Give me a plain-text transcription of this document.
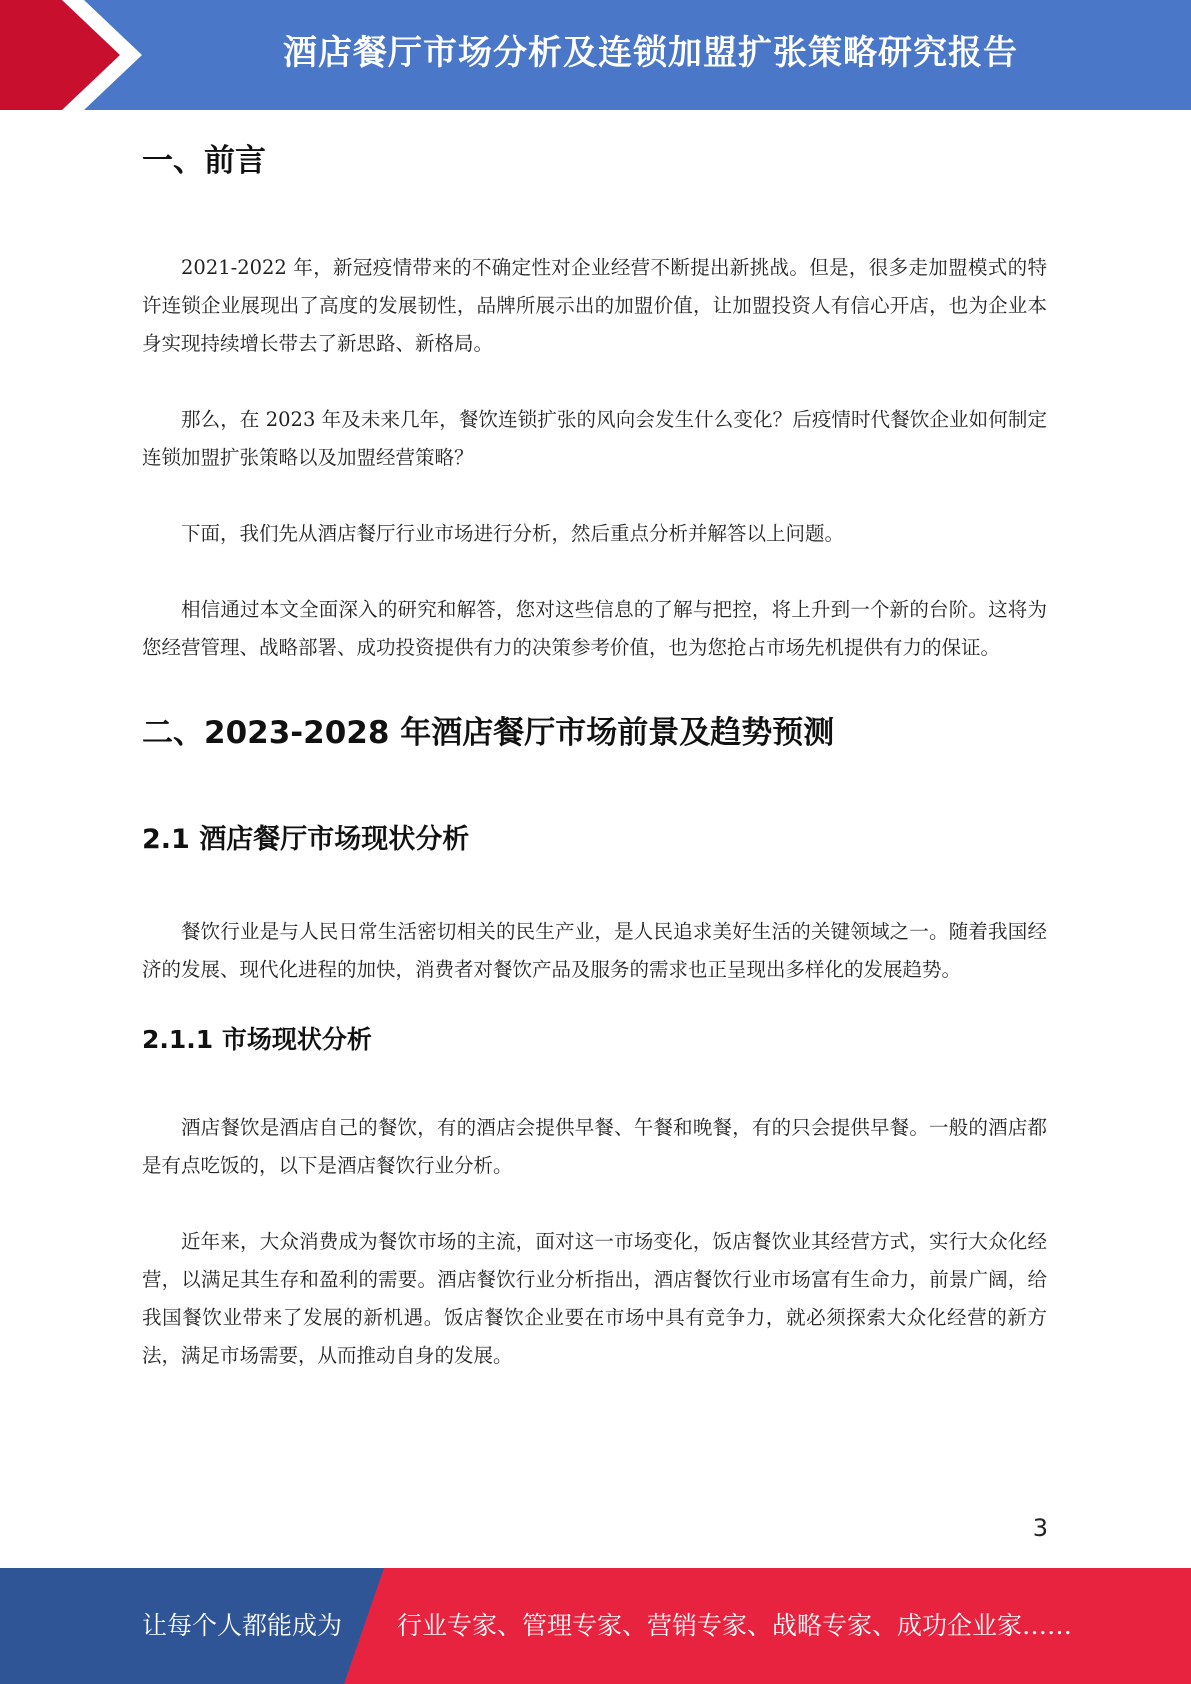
酒店餐厅市场分析及连锁加盟扩张策略研究报告
一、前言

2021-2022 年，新冠疫情带来的不确定性对企业经营不断提出新挑战。但是，很多走加盟模式的特许连锁企业展现出了高度的发展韧性，品牌所展示出的加盟价值，让加盟投资人有信心开店，也为企业本身实现持续增长带去了新思路、新格局。

那么，在 2023 年及未来几年，餐饮连锁扩张的风向会发生什么变化？后疫情时代餐饮企业如何制定连锁加盟扩张策略以及加盟经营策略？

下面，我们先从酒店餐厅行业市场进行分析，然后重点分析并解答以上问题。

相信通过本文全面深入的研究和解答，您对这些信息的了解与把控，将上升到一个新的台阶。这将为您经营管理、战略部署、成功投资提供有力的决策参考价值，也为您抢占市场先机提供有力的保证。

二、2023-2028 年酒店餐厅市场前景及趋势预测
2.1 酒店餐厅市场现状分析

餐饮行业是与人民日常生活密切相关的民生产业，是人民追求美好生活的关键领域之一。随着我国经济的发展、现代化进程的加快，消费者对餐饮产品及服务的需求也正呈现出多样化的发展趋势。

2.1.1 市场现状分析

酒店餐饮是酒店自己的餐饮，有的酒店会提供早餐、午餐和晚餐，有的只会提供早餐。一般的酒店都是有点吃饭的，以下是酒店餐饮行业分析。

近年来，大众消费成为餐饮市场的主流，面对这一市场变化，饭店餐饮业其经营方式，实行大众化经营，以满足其生存和盈利的需要。酒店餐饮行业分析指出，酒店餐饮行业市场富有生命力，前景广阔，给我国餐饮业带来了发展的新机遇。饭店餐饮企业要在市场中具有竞争力，就必须探索大众化经营的新方法，满足市场需要，从而推动自身的发展。

3
让每个人都能成为 行业专家、管理专家、营销专家、战略专家、成功企业家……
